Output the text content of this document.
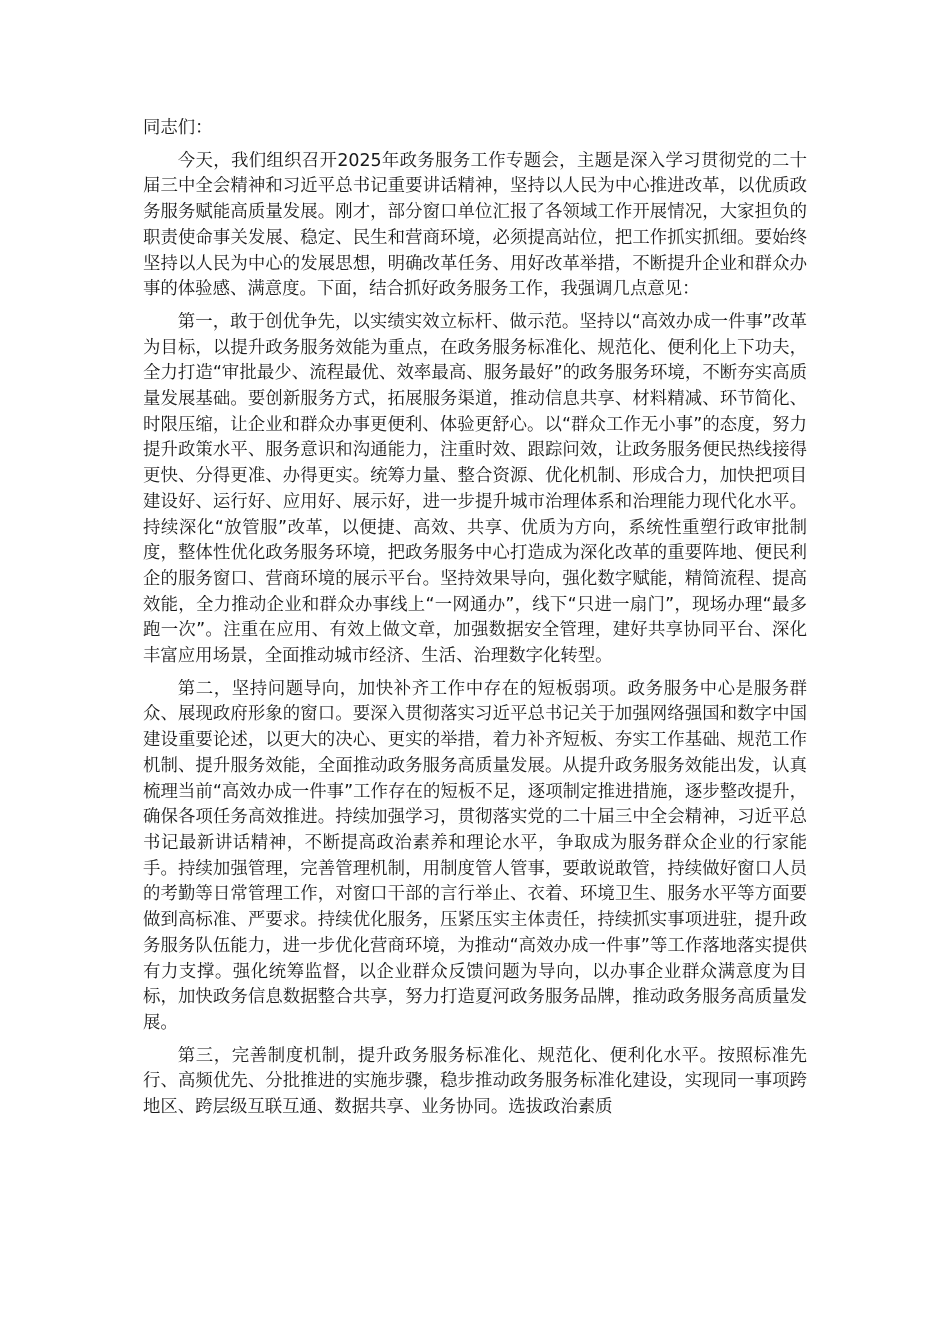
同志们：

今天，我们组织召开2025年政务服务工作专题会，主题是深入学习贯彻党的二十届三中全会精神和习近平总书记重要讲话精神，坚持以人民为中心推进改革，以优质政务服务赋能高质量发展。刚才，部分窗口单位汇报了各领域工作开展情况，大家担负的职责使命事关发展、稳定、民生和营商环境，必须提高站位，把工作抓实抓细。要始终坚持以人民为中心的发展思想，明确改革任务、用好改革举措，不断提升企业和群众办事的体验感、满意度。下面，结合抓好政务服务工作，我强调几点意见：

第一，敢于创优争先，以实绩实效立标杆、做示范。坚持以“高效办成一件事”改革为目标，以提升政务服务效能为重点，在政务服务标准化、规范化、便利化上下功夫，全力打造“审批最少、流程最优、效率最高、服务最好”的政务服务环境，不断夯实高质量发展基础。要创新服务方式，拓展服务渠道，推动信息共享、材料精减、环节简化、时限压缩，让企业和群众办事更便利、体验更舒心。以“群众工作无小事”的态度，努力提升政策水平、服务意识和沟通能力，注重时效、跟踪问效，让政务服务便民热线接得更快、分得更准、办得更实。统筹力量、整合资源、优化机制、形成合力，加快把项目建设好、运行好、应用好、展示好，进一步提升城市治理体系和治理能力现代化水平。持续深化“放管服”改革，以便捷、高效、共享、优质为方向，系统性重塑行政审批制度，整体性优化政务服务环境，把政务服务中心打造成为深化改革的重要阵地、便民利企的服务窗口、营商环境的展示平台。坚持效果导向，强化数字赋能，精简流程、提高效能，全力推动企业和群众办事线上“一网通办”，线下“只进一扇门”，现场办理“最多跑一次”。注重在应用、有效上做文章，加强数据安全管理，建好共享协同平台、深化丰富应用场景，全面推动城市经济、生活、治理数字化转型。

第二，坚持问题导向，加快补齐工作中存在的短板弱项。政务服务中心是服务群众、展现政府形象的窗口。要深入贯彻落实习近平总书记关于加强网络强国和数字中国建设重要论述，以更大的决心、更实的举措，着力补齐短板、夯实工作基础、规范工作机制、提升服务效能，全面推动政务服务高质量发展。从提升政务服务效能出发，认真梳理当前“高效办成一件事”工作存在的短板不足，逐项制定推进措施，逐步整改提升，确保各项任务高效推进。持续加强学习，贯彻落实党的二十届三中全会精神，习近平总书记最新讲话精神，不断提高政治素养和理论水平，争取成为服务群众企业的行家能手。持续加强管理，完善管理机制，用制度管人管事，要敢说敢管，持续做好窗口人员的考勤等日常管理工作，对窗口干部的言行举止、衣着、环境卫生、服务水平等方面要做到高标准、严要求。持续优化服务，压紧压实主体责任，持续抓实事项进驻，提升政务服务队伍能力，进一步优化营商环境，为推动“高效办成一件事”等工作落地落实提供有力支撑。强化统筹监督，以企业群众反馈问题为导向，以办事企业群众满意度为目标，加快政务信息数据整合共享，努力打造夏河政务服务品牌，推动政务服务高质量发展。

第三，完善制度机制，提升政务服务标准化、规范化、便利化水平。按照标准先行、高频优先、分批推进的实施步骤，稳步推动政务服务标准化建设，实现同一事项跨地区、跨层级互联互通、数据共享、业务协同。选拔政治素质
